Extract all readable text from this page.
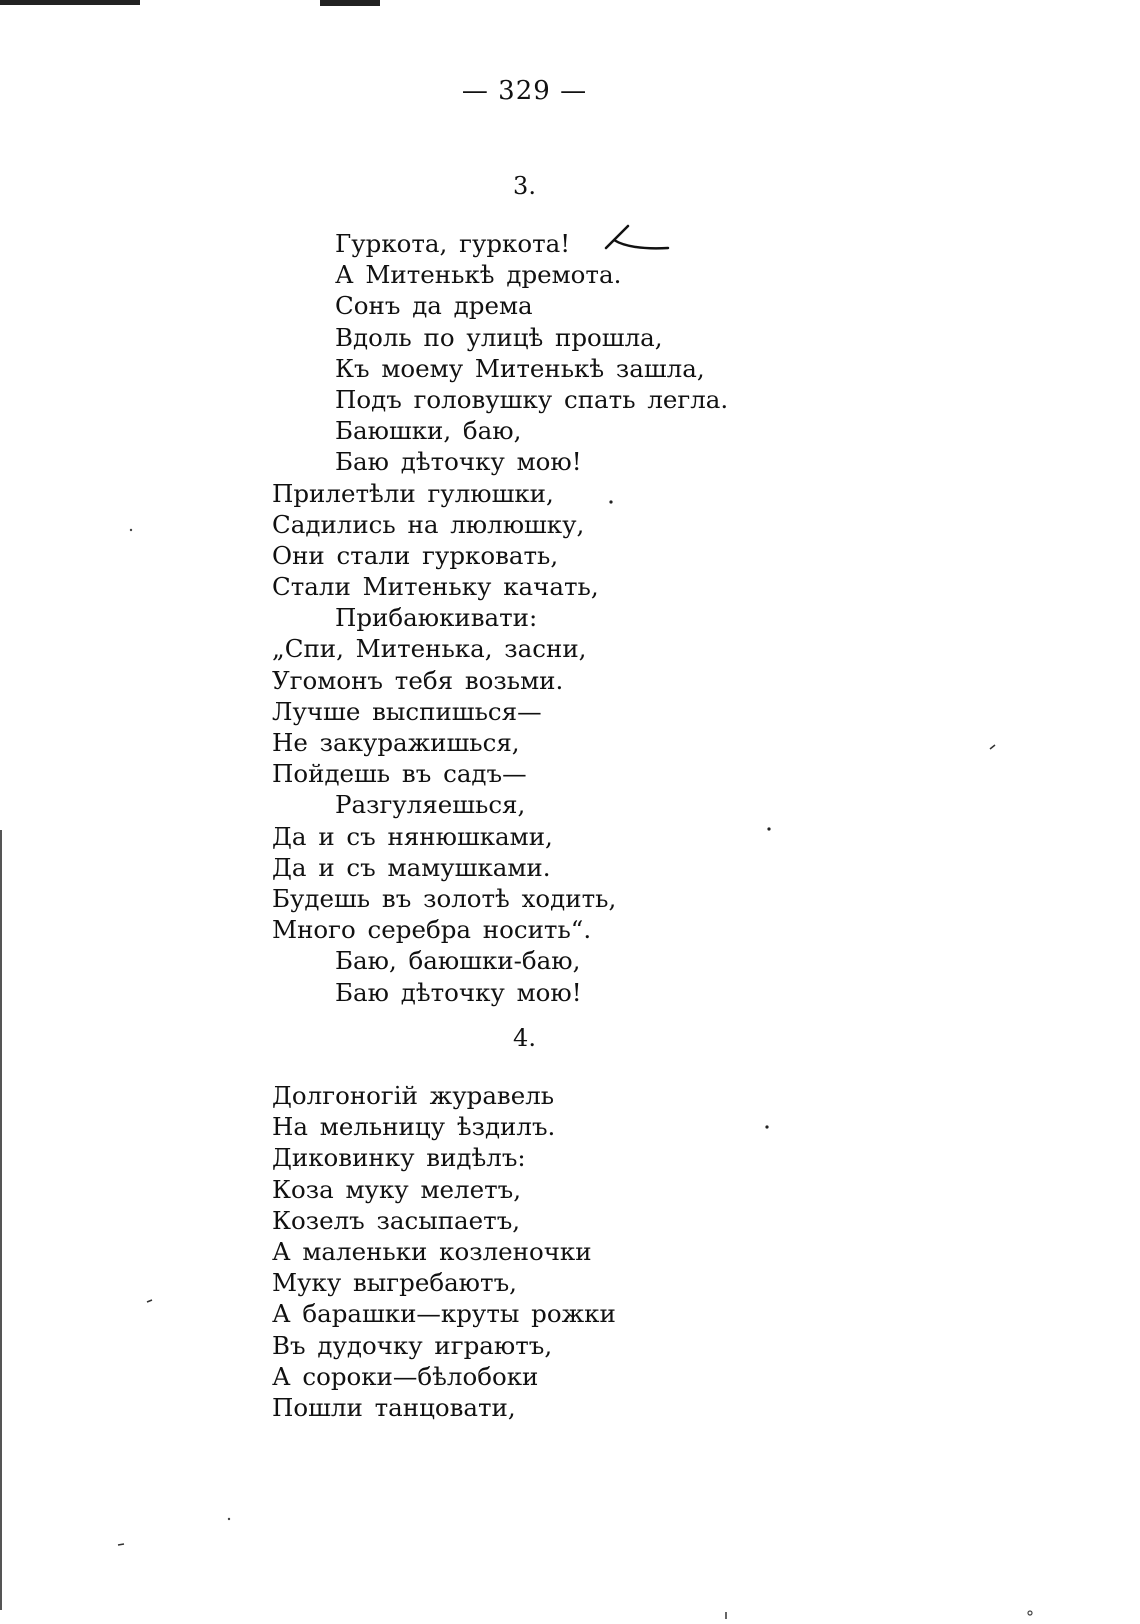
— 329 —
3.
Гуркота, гуркота!
А Митенькѣ дремота.
Сонъ да дрема
Вдоль по улицѣ прошла,
Къ моему Митенькѣ зашла,
Подъ головушку спать легла.
Баюшки, баю,
Баю дѣточку мою!
Прилетѣли гулюшки,
Садились на люлюшку,
Они стали гурковать,
Стали Митеньку качать,
Прибаюкивати:
„Спи, Митенька, засни,
Угомонъ тебя возьми.
Лучше выспишься—
Не закуражишься,
Пойдешь въ садъ—
Разгуляешься,
Да и съ нянюшками,
Да и съ мамушками.
Будешь въ золотѣ ходить,
Много серебра носить“.
Баю, баюшки-баю,
Баю дѣточку мою!
4.
Долгоногій журавель
На мельницу ѣздилъ.
Диковинку видѣлъ:
Коза муку мелетъ,
Козелъ засыпаетъ,
А маленьки козленочки
Муку выгребаютъ,
А барашки—круты рожки
Въ дудочку играютъ,
А сороки—бѣлобоки
Пошли танцовати,
